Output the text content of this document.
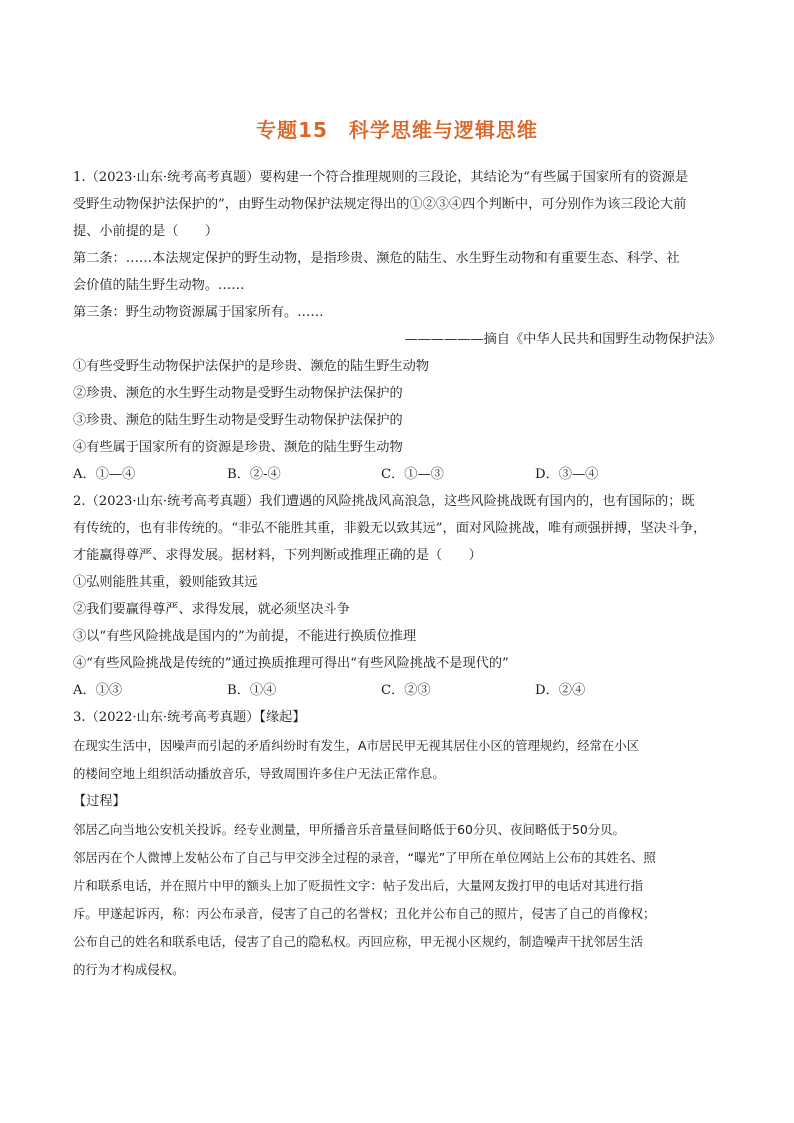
专题15　科学思维与逻辑思维

1.（2023·山东·统考高考真题）要构建一个符合推理规则的三段论，其结论为“有些属于国家所有的资源是

受野生动物保护法保护的”，由野生动物保护法规定得出的①②③④四个判断中，可分别作为该三段论大前

提、小前提的是（　　）

第二条：……本法规定保护的野生动物，是指珍贵、濒危的陆生、水生野生动物和有重要生态、科学、社

会价值的陆生野生动物。……

第三条：野生动物资源属于国家所有。……

——————摘自《中华人民共和国野生动物保护法》

①有些受野生动物保护法保护的是珍贵、濒危的陆生野生动物

②珍贵、濒危的水生野生动物是受野生动物保护法保护的

③珍贵、濒危的陆生野生动物是受野生动物保护法保护的

④有些属于国家所有的资源是珍贵、濒危的陆生野生动物

A．①—④	B．②-④	C．①—③	D．③—④

2.（2023·山东·统考高考真题）我们遭遇的风险挑战风高浪急，这些风险挑战既有国内的，也有国际的；既

有传统的，也有非传统的。“非弘不能胜其重，非毅无以致其远”，面对风险挑战，唯有顽强拼搏，坚决斗争，

才能赢得尊严、求得发展。据材料，下列判断或推理正确的是（　　）

①弘则能胜其重，毅则能致其远

②我们要赢得尊严、求得发展，就必须坚决斗争

③以“有些风险挑战是国内的”为前提，不能进行换质位推理

④“有些风险挑战是传统的”通过换质推理可得出“有些风险挑战不是现代的”

A．①③	B．①④	C．②③	D．②④

3.（2022·山东·统考高考真题）【缘起】

在现实生活中，因噪声而引起的矛盾纠纷时有发生，A市居民甲无视其居住小区的管理规约，经常在小区

的楼间空地上组织活动播放音乐，导致周围许多住户无法正常作息。

【过程】

邻居乙向当地公安机关投诉。经专业测量，甲所播音乐音量昼间略低于60分贝、夜间略低于50分贝。

邻居丙在个人微博上发帖公布了自己与甲交涉全过程的录音，“曝光”了甲所在单位网站上公布的其姓名、照

片和联系电话，并在照片中甲的额头上加了贬损性文字：帖子发出后，大量网友拨打甲的电话对其进行指

斥。甲遂起诉丙，称：丙公布录音，侵害了自己的名誉权；丑化并公布自己的照片，侵害了自己的肖像权；

公布自己的姓名和联系电话，侵害了自己的隐私权。丙回应称，甲无视小区规约，制造噪声干扰邻居生活

的行为才构成侵权。
